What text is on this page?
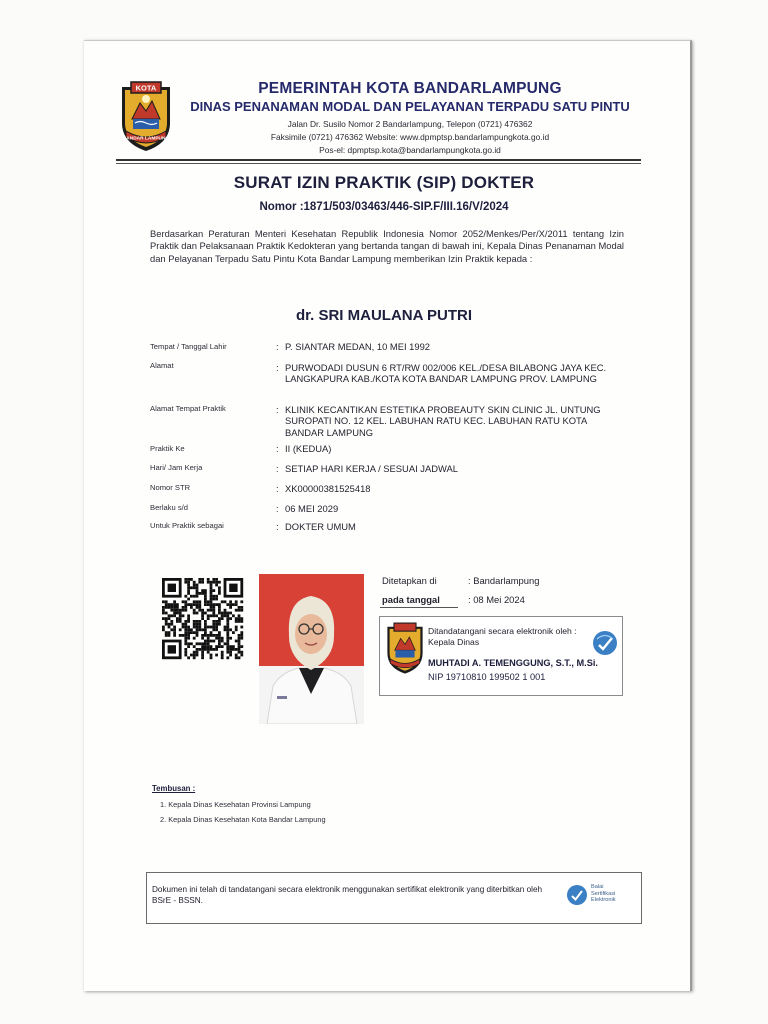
KOTA
BANDAR LAMPUNG
PEMERINTAH KOTA BANDARLAMPUNG
DINAS PENANAMAN MODAL DAN PELAYANAN TERPADU SATU PINTU
Jalan Dr. Susilo Nomor 2 Bandarlampung, Telepon (0721) 476362
Faksimile (0721) 476362 Website: www.dpmptsp.bandarlampungkota.go.id
Pos-el: dpmptsp.kota@bandarlampungkota.go.id
SURAT IZIN PRAKTIK (SIP) DOKTER
Nomor :1871/503/03463/446-SIP.F/III.16/V/2024
Berdasarkan Peraturan Menteri Kesehatan Republik Indonesia Nomor 2052/Menkes/Per/X/2011 tentang Izin Praktik dan Pelaksanaan Praktik Kedokteran yang bertanda tangan di bawah ini, Kepala Dinas Penanaman Modal dan Pelayanan Terpadu Satu Pintu Kota Bandar Lampung memberikan Izin Praktik kepada :
dr. SRI MAULANA PUTRI
Tempat / Tanggal Lahir	: P. SIANTAR MEDAN, 10 MEI 1992
Alamat	: PURWODADI DUSUN 6 RT/RW 002/006 KEL./DESA BILABONG JAYA KEC. LANGKAPURA KAB./KOTA KOTA BANDAR LAMPUNG PROV. LAMPUNG
Alamat Tempat Praktik	: KLINIK KECANTIKAN ESTETIKA PROBEAUTY SKIN CLINIC JL. UNTUNG SUROPATI NO. 12 KEL. LABUHAN RATU KEC. LABUHAN RATU KOTA BANDAR LAMPUNG
Praktik Ke	: II (KEDUA)
Hari/ Jam Kerja	: SETIAP HARI KERJA / SESUAI JADWAL
Nomor STR	: XK00000381525418
Berlaku s/d	: 06 MEI 2029
Untuk Praktik sebagai	: DOKTER UMUM
Ditetapkan di	: Bandarlampung
pada tanggal	: 08 Mei 2024
Ditandatangani secara elektronik oleh :
Kepala Dinas
MUHTADI A. TEMENGGUNG, S.T., M.Si.
NIP 19710810 199502 1 001
Tembusan :
1. Kepala Dinas Kesehatan Provinsi Lampung
2. Kepala Dinas Kesehatan Kota Bandar Lampung
Dokumen ini telah di tandatangani secara elektronik menggunakan sertifikat elektronik yang diterbitkan oleh BSrE - BSSN.
Balai
Sertifikasi
Elektronik
